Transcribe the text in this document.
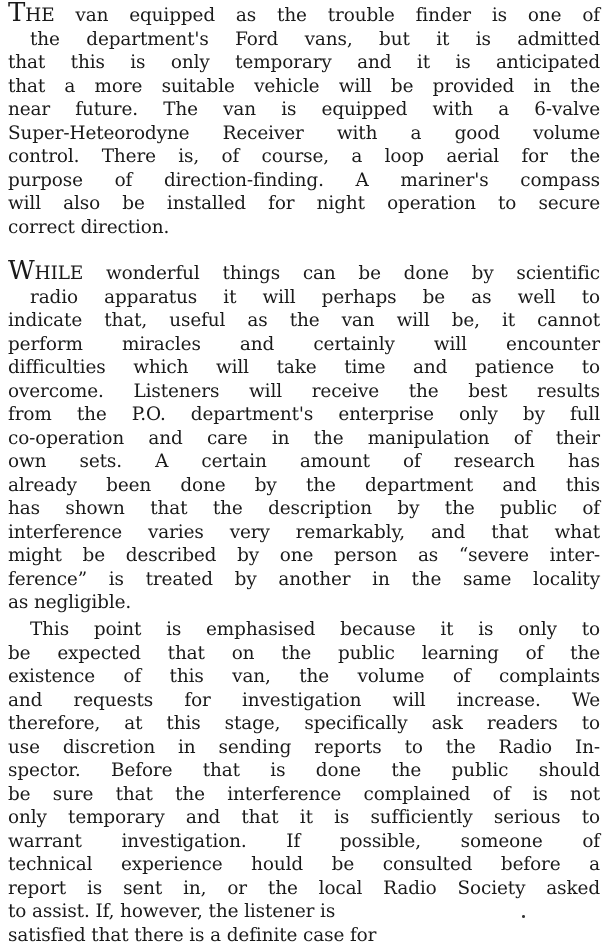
THE van equipped as the trouble finder is one of
the department's Ford vans, but it is admitted
that this is only temporary and it is anticipated
that a more suitable vehicle will be provided in the
near future. The van is equipped with a 6-valve
Super-Heteorodyne Receiver with a good volume
control. There is, of course, a loop aerial for the
purpose of direction-finding. A mariner's compass
will also be installed for night operation to secure
correct direction.
WHILE wonderful things can be done by scientific
radio apparatus it will perhaps be as well to
indicate that, useful as the van will be, it cannot
perform miracles and certainly will encounter
difficulties which will take time and patience to
overcome. Listeners will receive the best results
from the P.O. department's enterprise only by full
co-operation and care in the manipulation of their
own sets. A certain amount of research has
already been done by the department and this
has shown that the description by the public of
interference varies very remarkably, and that what
might be described by one person as “severe inter-
ference” is treated by another in the same locality
as negligible.
This point is emphasised because it is only to
be expected that on the public learning of the
existence of this van, the volume of complaints
and requests for investigation will increase. We
therefore, at this stage, specifically ask readers to
use discretion in sending reports to the Radio In-
spector. Before that is done the public should
be sure that the interference complained of is not
only temporary and that it is sufficiently serious to
warrant investigation. If possible, someone of
technical experience hould be consulted before a
report is sent in, or the local Radio Society asked
to assist. If, however, the listener is
satisfied that there is a definite case for
